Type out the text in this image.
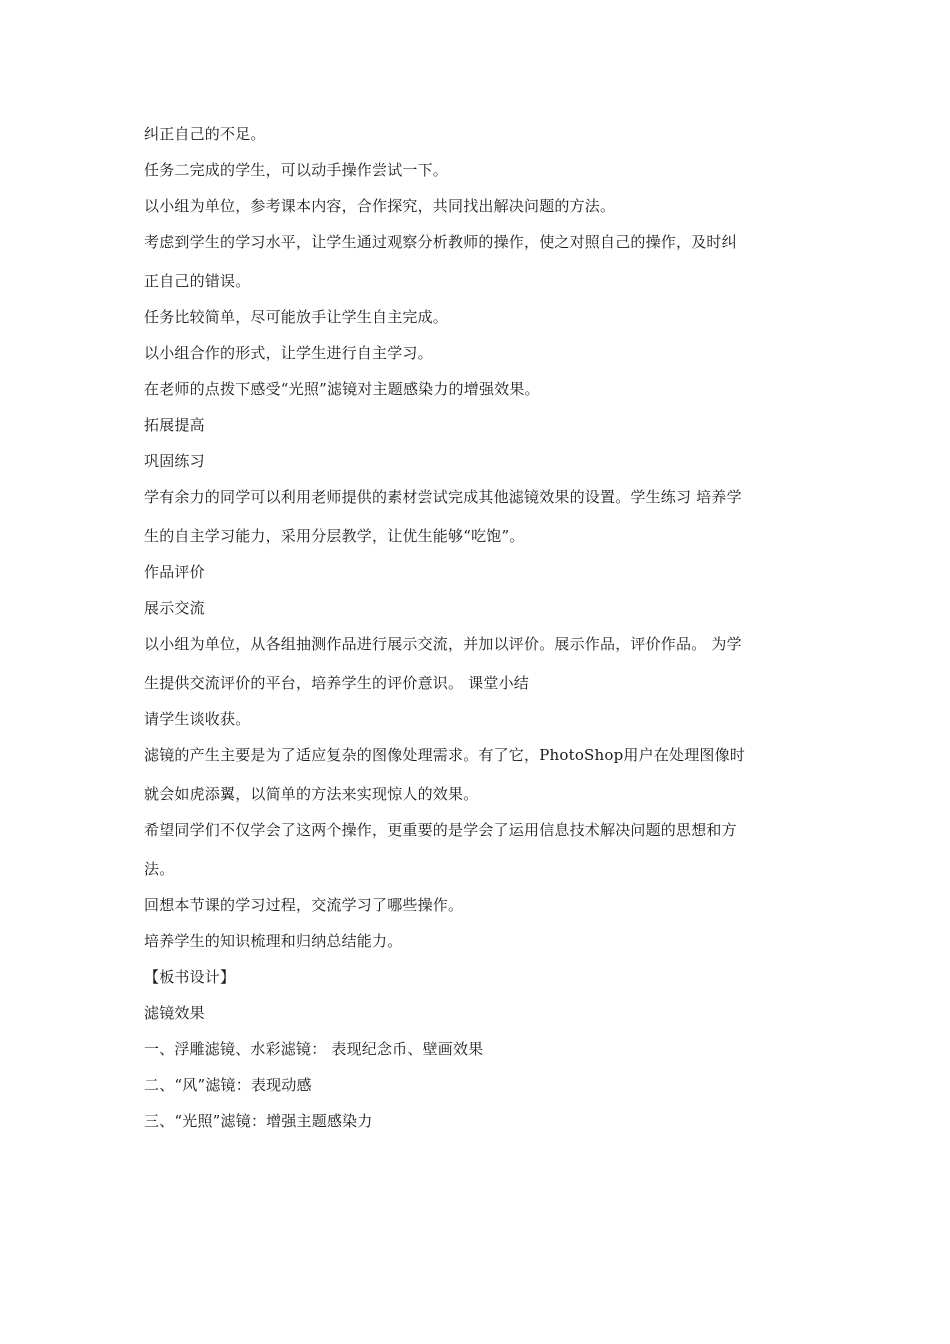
纠正自己的不足。
任务二完成的学生，可以动手操作尝试一下。
以小组为单位，参考课本内容，合作探究，共同找出解决问题的方法。
考虑到学生的学习水平，让学生通过观察分析教师的操作，使之对照自己的操作，及时纠
正自己的错误。
任务比较简单，尽可能放手让学生自主完成。
以小组合作的形式，让学生进行自主学习。
在老师的点拨下感受“光照”滤镜对主题感染力的增强效果。
拓展提高
巩固练习
学有余力的同学可以利用老师提供的素材尝试完成其他滤镜效果的设置。学生练习 培养学
生的自主学习能力，采用分层教学，让优生能够“吃饱”。
作品评价
展示交流
以小组为单位，从各组抽测作品进行展示交流，并加以评价。展示作品，评价作品。 为学
生提供交流评价的平台，培养学生的评价意识。 课堂小结
请学生谈收获。
滤镜的产生主要是为了适应复杂的图像处理需求。有了它，PhotoShop用户在处理图像时
就会如虎添翼，以简单的方法来实现惊人的效果。
希望同学们不仅学会了这两个操作，更重要的是学会了运用信息技术解决问题的思想和方
法。
回想本节课的学习过程，交流学习了哪些操作。
培养学生的知识梳理和归纳总结能力。
【板书设计】
滤镜效果
一、浮雕滤镜、水彩滤镜： 表现纪念币、壁画效果
二、“风”滤镜：表现动感
三、“光照”滤镜：增强主题感染力
